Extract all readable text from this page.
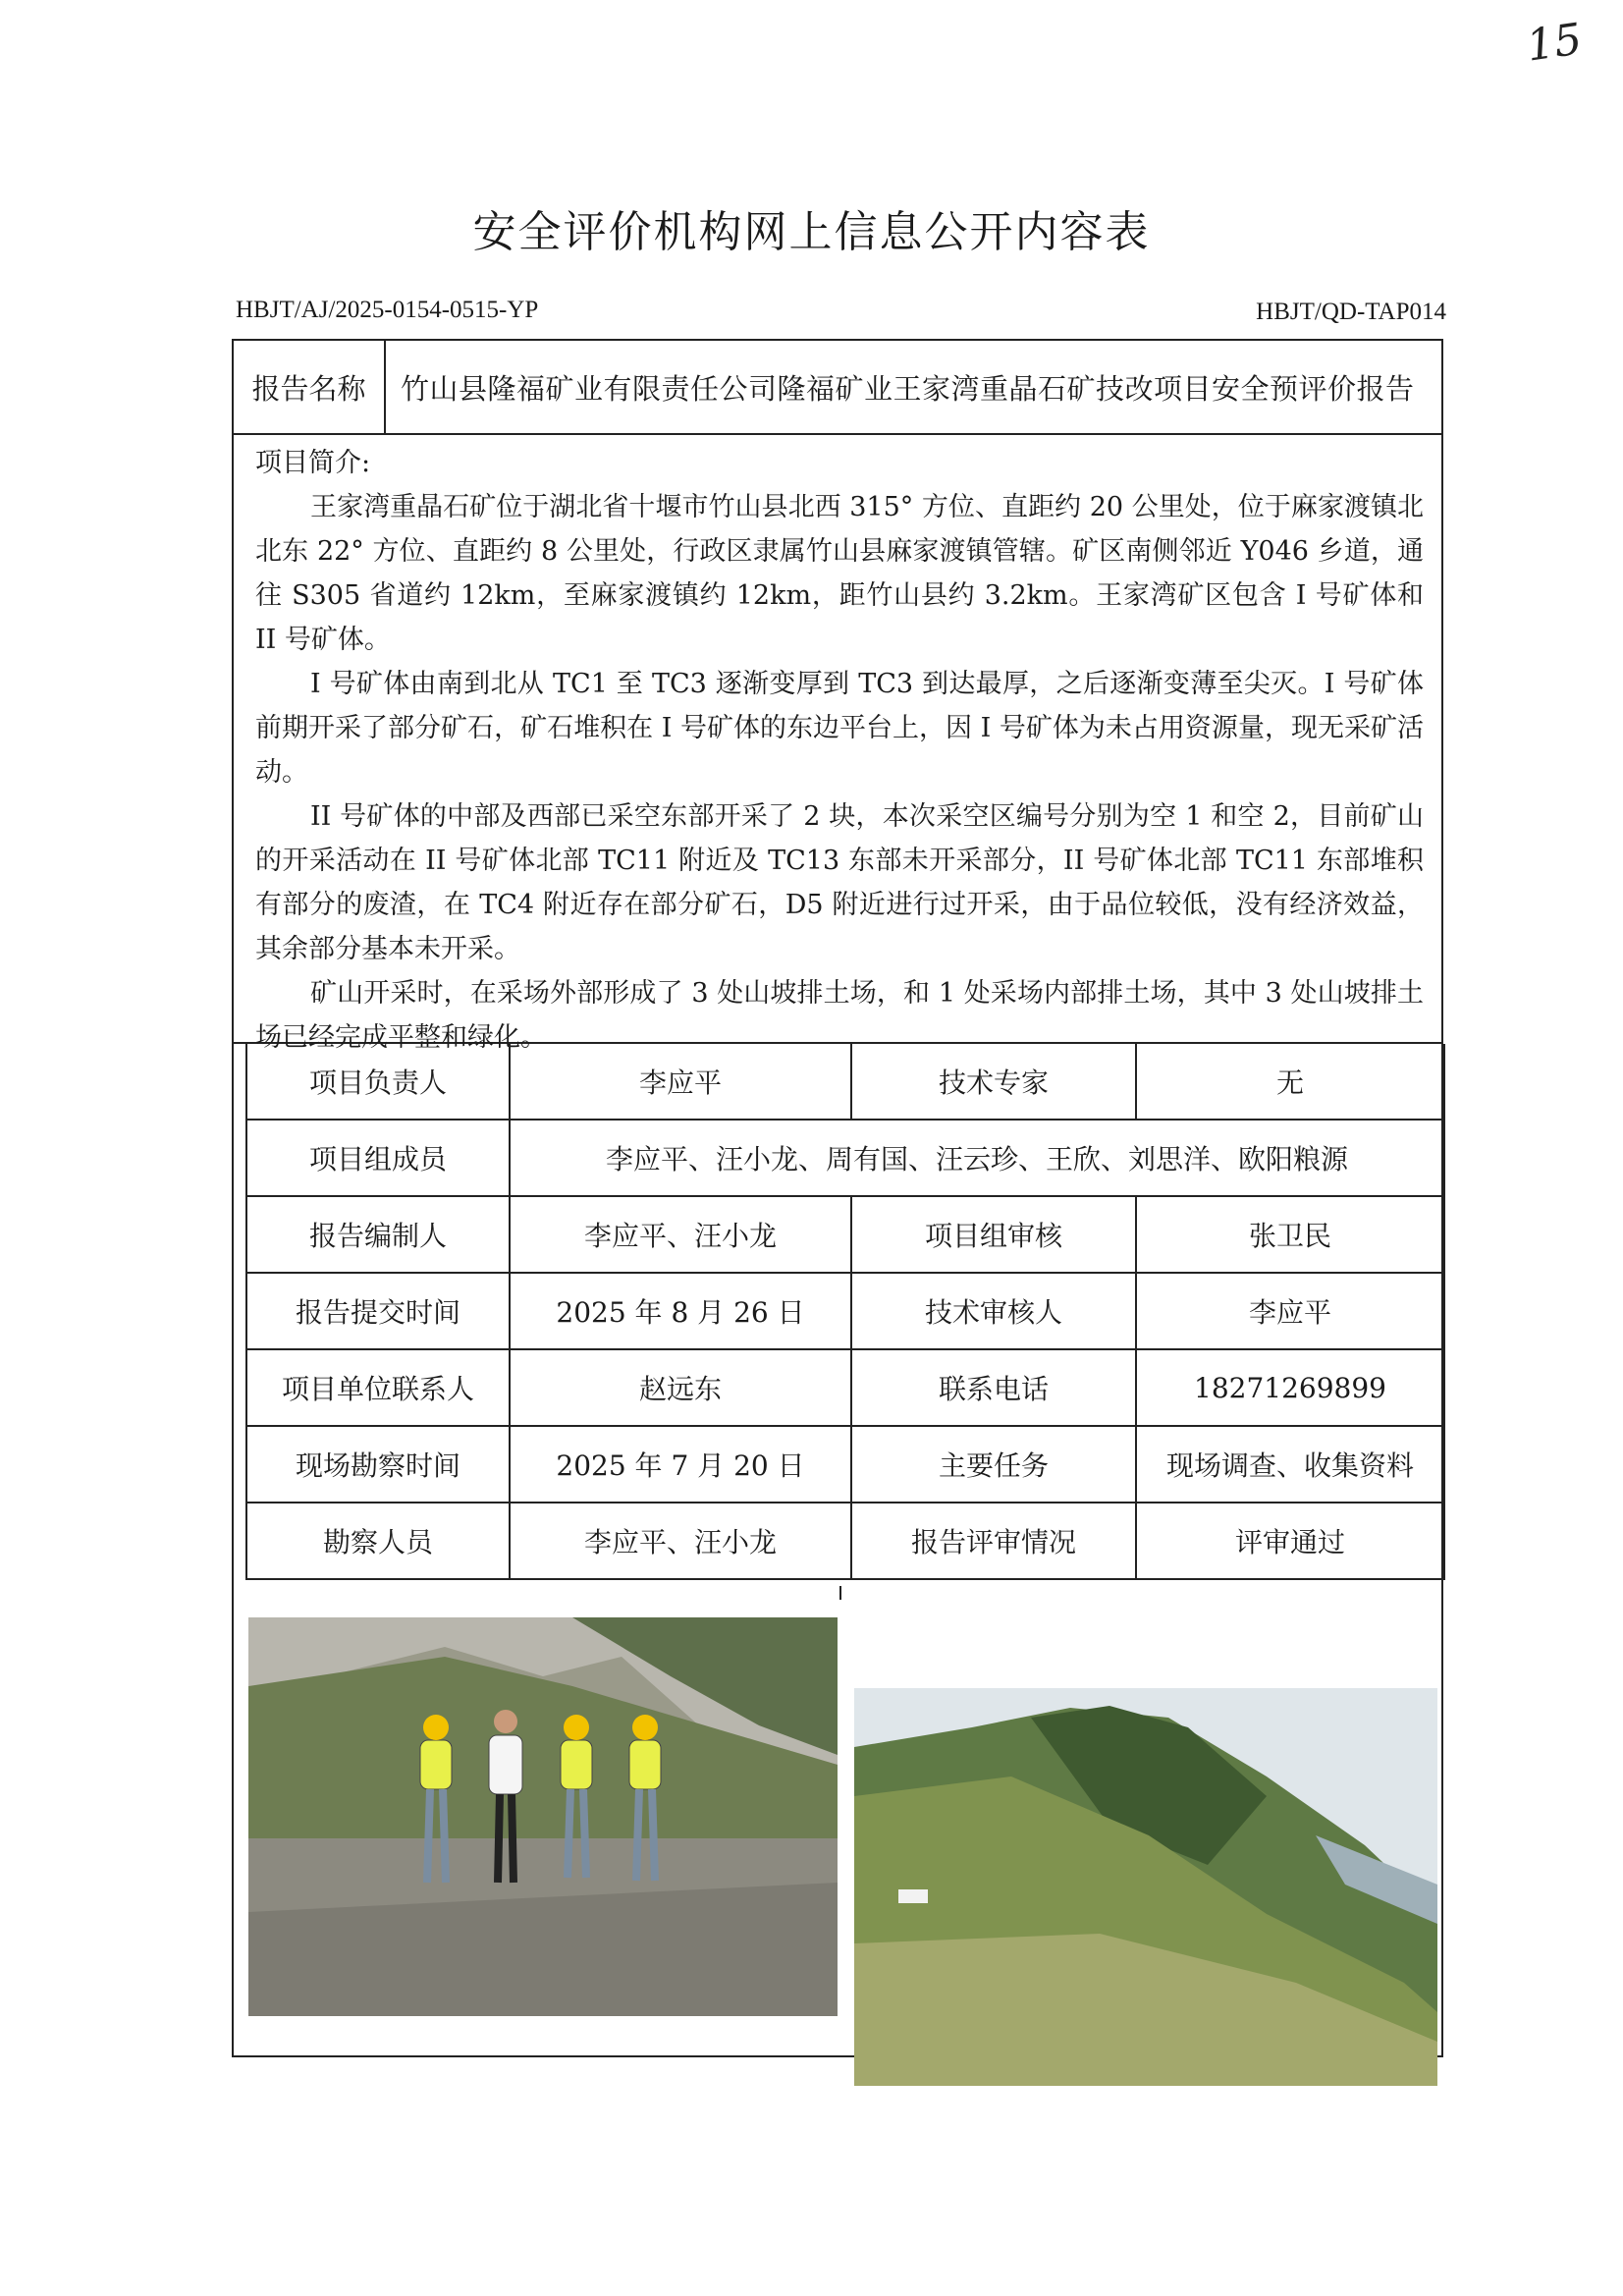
15
安全评价机构网上信息公开内容表
HBJT/AJ/2025-0154-0515-YP	HBJT/QD-TAP014
报告名称	竹山县隆福矿业有限责任公司隆福矿业王家湾重晶石矿技改项目安全预评价报告
项目简介:

王家湾重晶石矿位于湖北省十堰市竹山县北西 315° 方位、直距约 20 公里处，位于麻家渡镇北北东 22° 方位、直距约 8 公里处，行政区隶属竹山县麻家渡镇管辖。矿区南侧邻近 Y046 乡道，通往 S305 省道约 12km，至麻家渡镇约 12km，距竹山县约 3.2km。王家湾矿区包含 I 号矿体和 II 号矿体。

I 号矿体由南到北从 TC1 至 TC3 逐渐变厚到 TC3 到达最厚，之后逐渐变薄至尖灭。I 号矿体前期开采了部分矿石，矿石堆积在 I 号矿体的东边平台上，因 I 号矿体为未占用资源量，现无采矿活动。

II 号矿体的中部及西部已采空东部开采了 2 块，本次采空区编号分别为空 1 和空 2，目前矿山的开采活动在 II 号矿体北部 TC11 附近及 TC13 东部未开采部分，II 号矿体北部 TC11 东部堆积有部分的废渣，在 TC4 附近存在部分矿石，D5 附近进行过开采，由于品位较低，没有经济效益，其余部分基本未开采。

矿山开采时，在采场外部形成了 3 处山坡排土场，和 1 处采场内部排土场，其中 3 处山坡排土场已经完成平整和绿化。

项目负责人	李应平	技术专家	无
项目组成员	李应平、汪小龙、周有国、汪云珍、王欣、刘思洋、欧阳粮源		
报告编制人	李应平、汪小龙	项目组审核	张卫民
报告提交时间	2025 年 8 月 26 日	技术审核人	李应平
项目单位联系人	赵远东	联系电话	18271269899
现场勘察时间	2025 年 7 月 20 日	主要任务	现场调查、收集资料
勘察人员	李应平、汪小龙	报告评审情况	评审通过
